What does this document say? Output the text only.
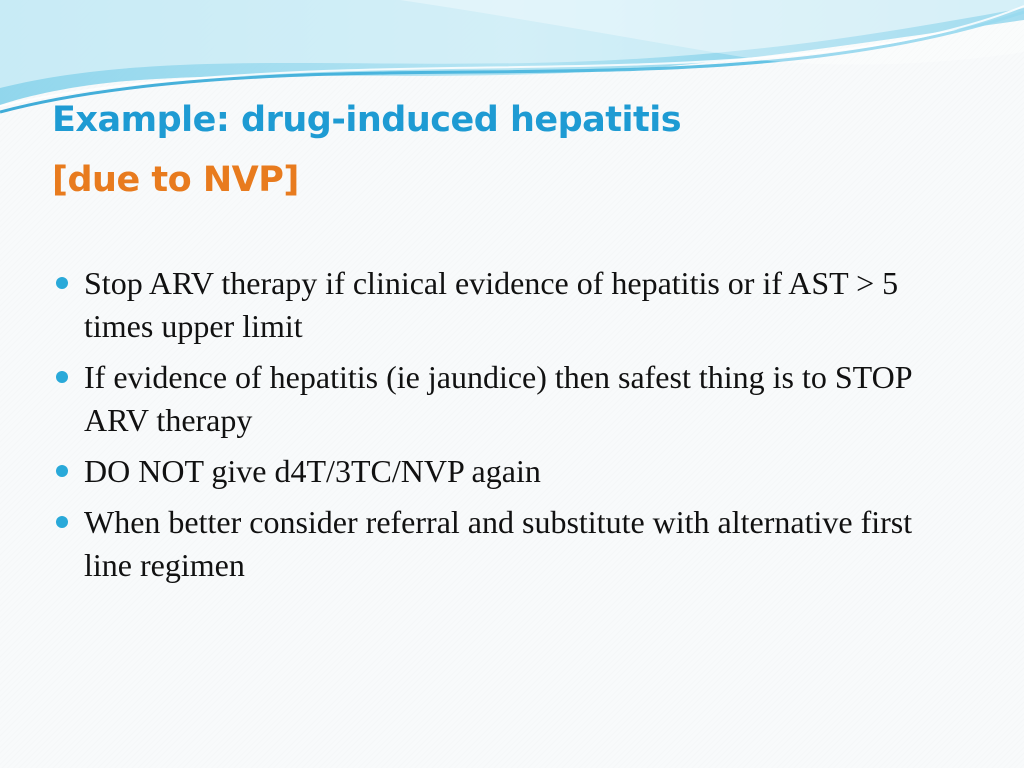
Example: drug-induced hepatitis
[due to NVP]
Stop ARV therapy if clinical evidence of hepatitis or if AST > 5 times upper limit
If evidence of hepatitis (ie jaundice) then safest thing is to STOP ARV therapy
DO NOT give d4T/3TC/NVP again
When better consider referral and substitute with alternative first line regimen
